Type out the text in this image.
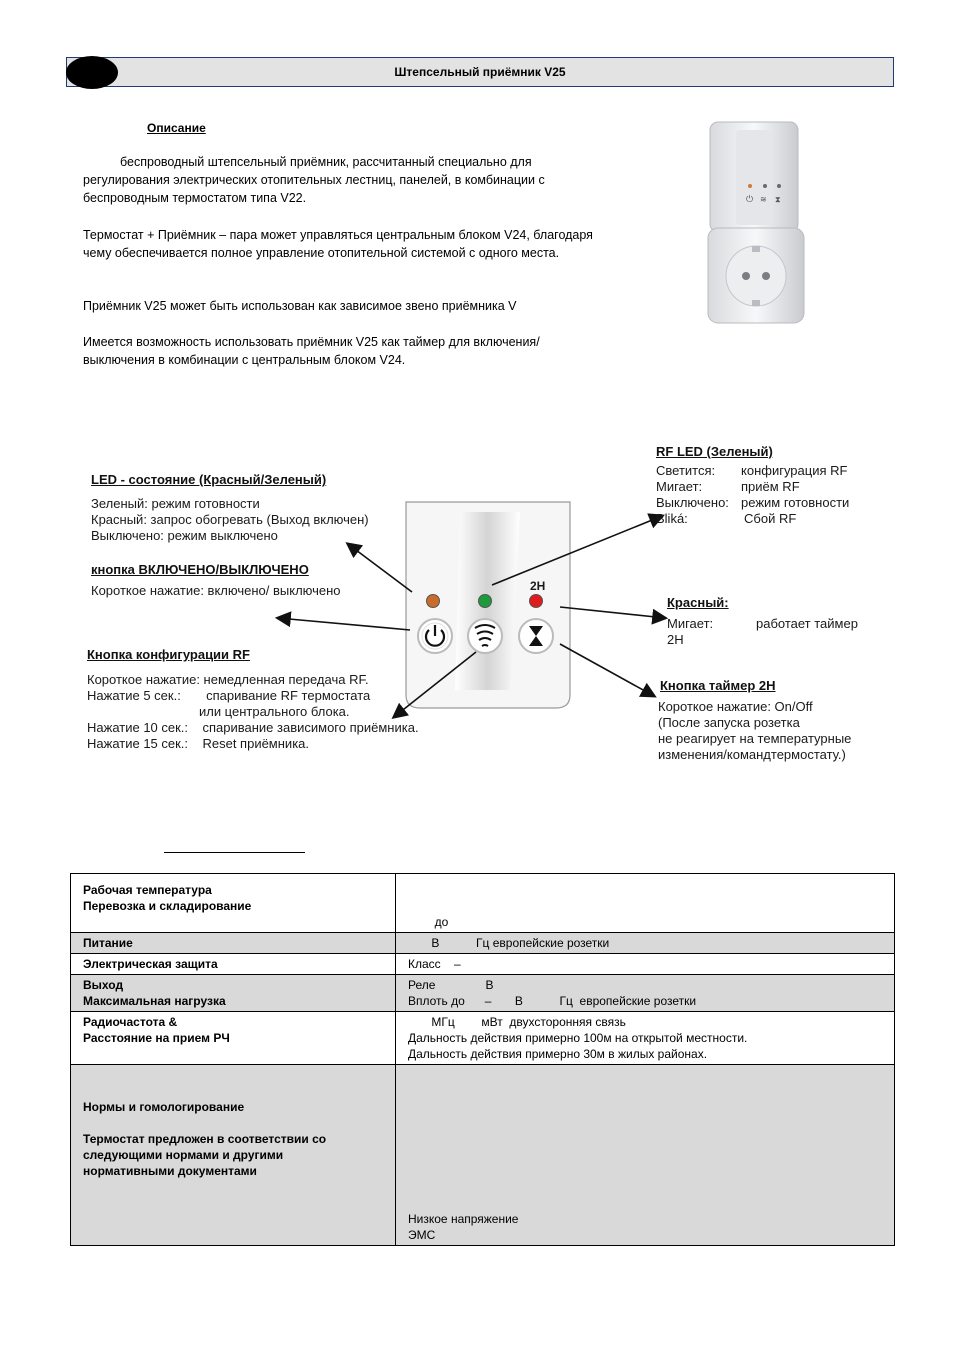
Штепсельный приёмник V25
Описание

беспроводный штепсельный приёмник, рассчитанный специально для регулирования электрических отопительных лестниц, панелей, в комбинации с беспроводным термостатом типа V22.

Термостат + Приёмник – пара может управляться центральным блоком V24, благодаря чему обеспечивается полное управление отопительной системой с одного места.

Приёмник V25 может быть использован как зависимое звено приёмника V

Имеется возможность использовать приёмник V25 как таймер для включения/выключения в комбинации с центральным блоком V24.

⏻ ≋ ⧗
2H
LED - состояние (Красный/Зеленый)
Зеленый: режим готовности
Красный: запрос обогревать (Выход включен)
Выключено: режим выключено
кнопка ВКЛЮЧЕНО/ВЫКЛЮЧЕНО
Короткое нажатие: включено/ выключено
Кнопка конфигурации RF
Короткое нажатие: немедленная передача RF.
Нажатие 5 сек.:       спаривание RF термостата
или центрального блока.
Нажатие 10 сек.:    спаривание зависимого приёмника.
Нажатие 15 сек.:    Reset приёмника.
RF LED (Зеленый)
Светится: конфигурация RF
Мигает:	приём RF
Выключено: режим готовности
Bliká:	Сбой RF
Красный:
Мигает:	работает таймер
2H
Кнопка таймер 2H
Короткое нажатие: On/Off
(После запуска розетка
не реагирует на температурные
изменения/командтермостату.)
Рабочая температура
Перевозка и складирование	до

Питание	В           Гц европейские розетки

Электрическая защита	Класс    –

Выход
Максимальная нагрузка	Реле               В
Вплоть до      –       В           Гц  европейские розетки

Радиочастота &
Расстояние на прием РЧ	МГц        мВт  двухсторонняя связь
Дальность действия примерно 100м на открытой местности.
Дальность действия примерно 30м в жилых районах.

Нормы и гомологирование

Термостат предложен в соответствии со
следующими нормами и другими
нормативными документами	Низкое напряжение
ЭМС
